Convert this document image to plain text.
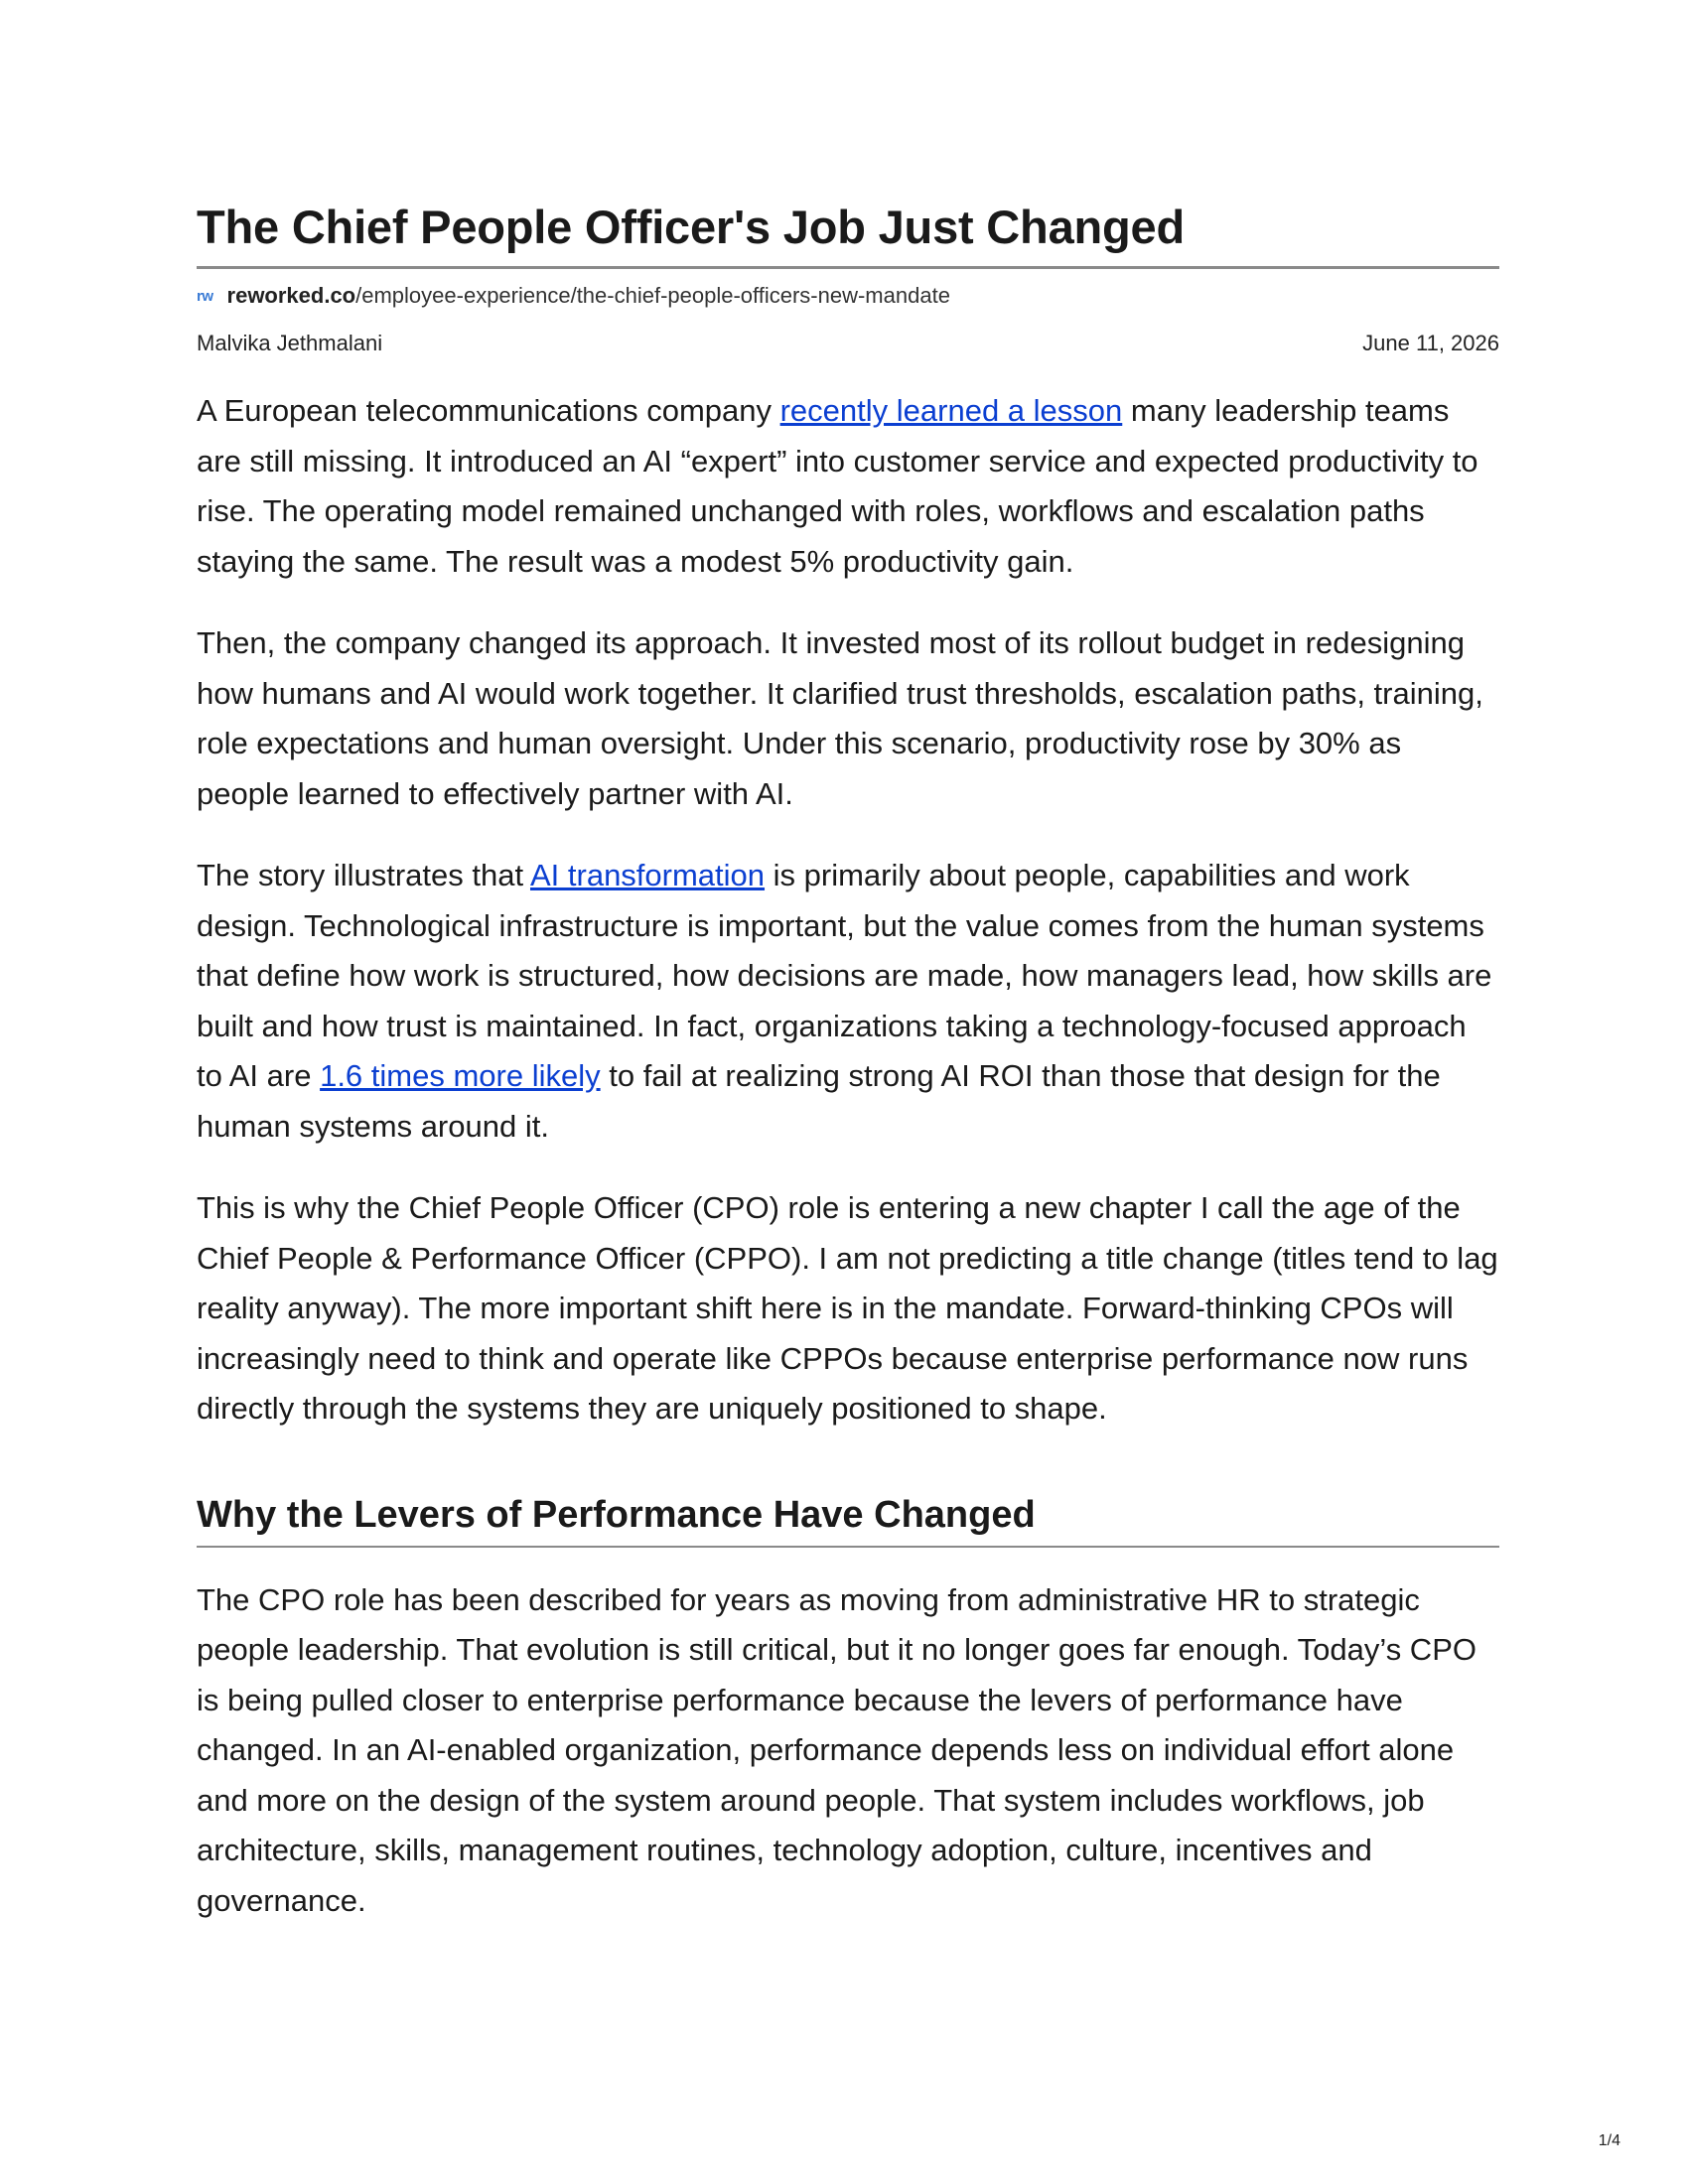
The Chief People Officer's Job Just Changed
rw reworked.co/employee-experience/the-chief-people-officers-new-mandate
Malvika Jethmalani	June 11, 2026

A European telecommunications company recently learned a lesson many leadership teams are still missing. It introduced an AI “expert” into customer service and expected productivity to rise. The operating model remained unchanged with roles, workflows and escalation paths staying the same. The result was a modest 5% productivity gain.

Then, the company changed its approach. It invested most of its rollout budget in redesigning how humans and AI would work together. It clarified trust thresholds, escalation paths, training, role expectations and human oversight. Under this scenario, productivity rose by 30% as people learned to effectively partner with AI.

The story illustrates that AI transformation is primarily about people, capabilities and work design. Technological infrastructure is important, but the value comes from the human systems that define how work is structured, how decisions are made, how managers lead, how skills are built and how trust is maintained. In fact, organizations taking a technology-focused approach to AI are 1.6 times more likely to fail at realizing strong AI ROI than those that design for the human systems around it.

This is why the Chief People Officer (CPO) role is entering a new chapter I call the age of the Chief People & Performance Officer (CPPO). I am not predicting a title change (titles tend to lag reality anyway). The more important shift here is in the mandate. Forward-thinking CPOs will increasingly need to think and operate like CPPOs because enterprise performance now runs directly through the systems they are uniquely positioned to shape.

Why the Levers of Performance Have Changed

The CPO role has been described for years as moving from administrative HR to strategic people leadership. That evolution is still critical, but it no longer goes far enough. Today’s CPO is being pulled closer to enterprise performance because the levers of performance have changed. In an AI-enabled organization, performance depends less on individual effort alone and more on the design of the system around people. That system includes workflows, job architecture, skills, management routines, technology adoption, culture, incentives and governance.

1/4
